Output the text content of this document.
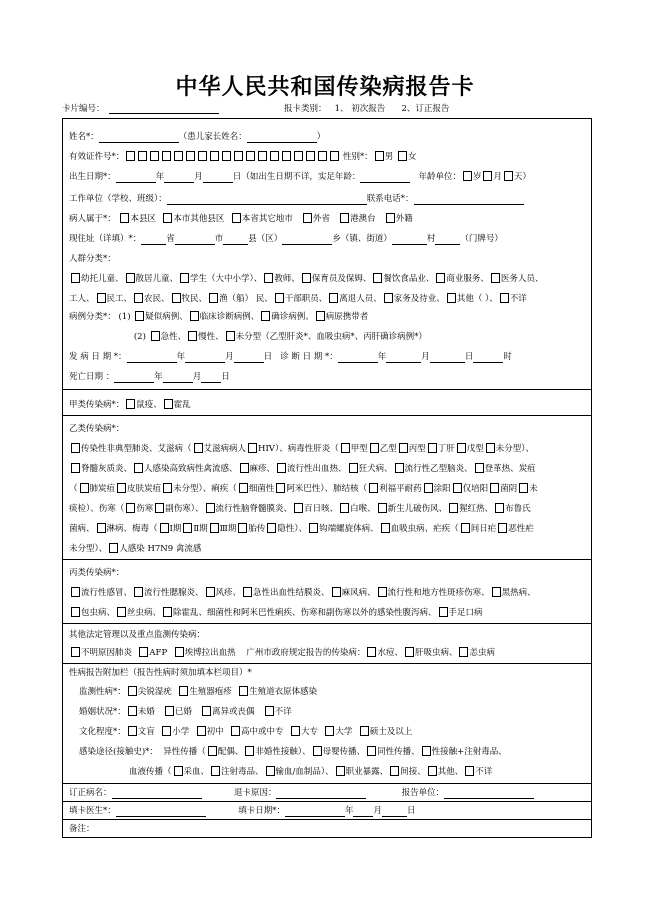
中华人民共和国传染病报告卡
卡片编号：	报卡类别： 1、 初次报告 2、订正报告
姓名*：	（患儿家长姓名：	）
有效证件号*：	性别*： 男 女
出生日期*：	年	月	日（如出生日期不详，实足年龄：	年龄单位： 岁 月 天）
工作单位（学校、班级）：	联系电话*：
病人属于*： 本县区 本市其他县区 本省其它地市 外省 港澳台 外籍
现住址（详填）*：	省	市	县（区）	乡（镇、街道）	村	（门牌号）
人群分类*：
幼托儿童、 散居儿童、 学生（大中小学）、 教师、 保育员及保姆、 餐饮食品业、 商业服务、 医务人员、
工人、 民工、 农民、 牧民、 渔（船） 民、 干部职员、 离退人员、 家务及待业、 其他（ ）、 不详
病例分类*： (1) 疑似病例、 临床诊断病例、 确诊病例、 病原携带者
(2) 急性、 慢性、 未分型（乙型肝炎*、血吸虫病*、丙肝确诊病例*）
发 病 日 期 *：	年	月	日 诊 断 日 期 *：	年	月	日	时
死亡日期 ：	年	月 日
甲类传染病*： 鼠疫、 霍乱
乙类传染病*：
传染性非典型肺炎、艾滋病（ 艾滋病病人 HIV）、病毒性肝炎（ 甲型 乙型 丙型 丁肝 戊型 未分型）、
脊髓灰质炎、 人感染高致病性禽流感、 麻疹、 流行性出血热、 狂犬病、 流行性乙型脑炎、 登革热、炭疽
（ 肺炭疽 皮肤炭疽 未分型）、痢疾（ 细菌性 阿米巴性）、肺结核（ 利福平耐药 涂阳 仅培阳 菌阴 未
痰检）、伤寒（ 伤寒 副伤寒）、 流行性脑脊髓膜炎、 百日咳、 白喉、 新生儿破伤风、 猩红热、 布鲁氏
菌病、 淋病、梅毒（ Ⅰ期 Ⅱ期 Ⅲ期 胎传 隐性）、 钩端螺旋体病、 血吸虫病、疟疾（ 间日疟 恶性疟
未分型）、 人感染 H7N9 禽流感
丙类传染病*：
流行性感冒、 流行性腮腺炎、 风疹、 急性出血性结膜炎、 麻风病、 流行性和地方性斑疹伤寒、 黑热病、
包虫病、 丝虫病、 除霍乱、细菌性和阿米巴性痢疾、伤寒和副伤寒以外的感染性腹泻病、 手足口病
其他法定管理以及重点监测传染病：
不明原因肺炎 AFP 埃博拉出血热 广州市政府规定报告的传染病： 水痘、 肝吸虫病、 恙虫病
性病报告附加栏（报告性病时须加填本栏项目）*
监测性病*： 尖锐湿疣 生殖器疱疹 生殖道衣原体感染
婚姻状况*： 未婚 已婚 离异或丧偶 不详
文化程度*： 文盲 小学 初中 高中或中专 大专 大学 硕士及以上
感染途径(接触史)*： 异性传播（ 配偶、 非婚性接触）、 母婴传播、 同性传播、 性接触+注射毒品、
血液传播（ 采血、 注射毒品、 输血/血制品）、 职业暴露、 间接、 其他、 不详
订正病名：	退卡原因：	报告单位：
填卡医生*：	填卡日期*：	年 月	日
备注：
